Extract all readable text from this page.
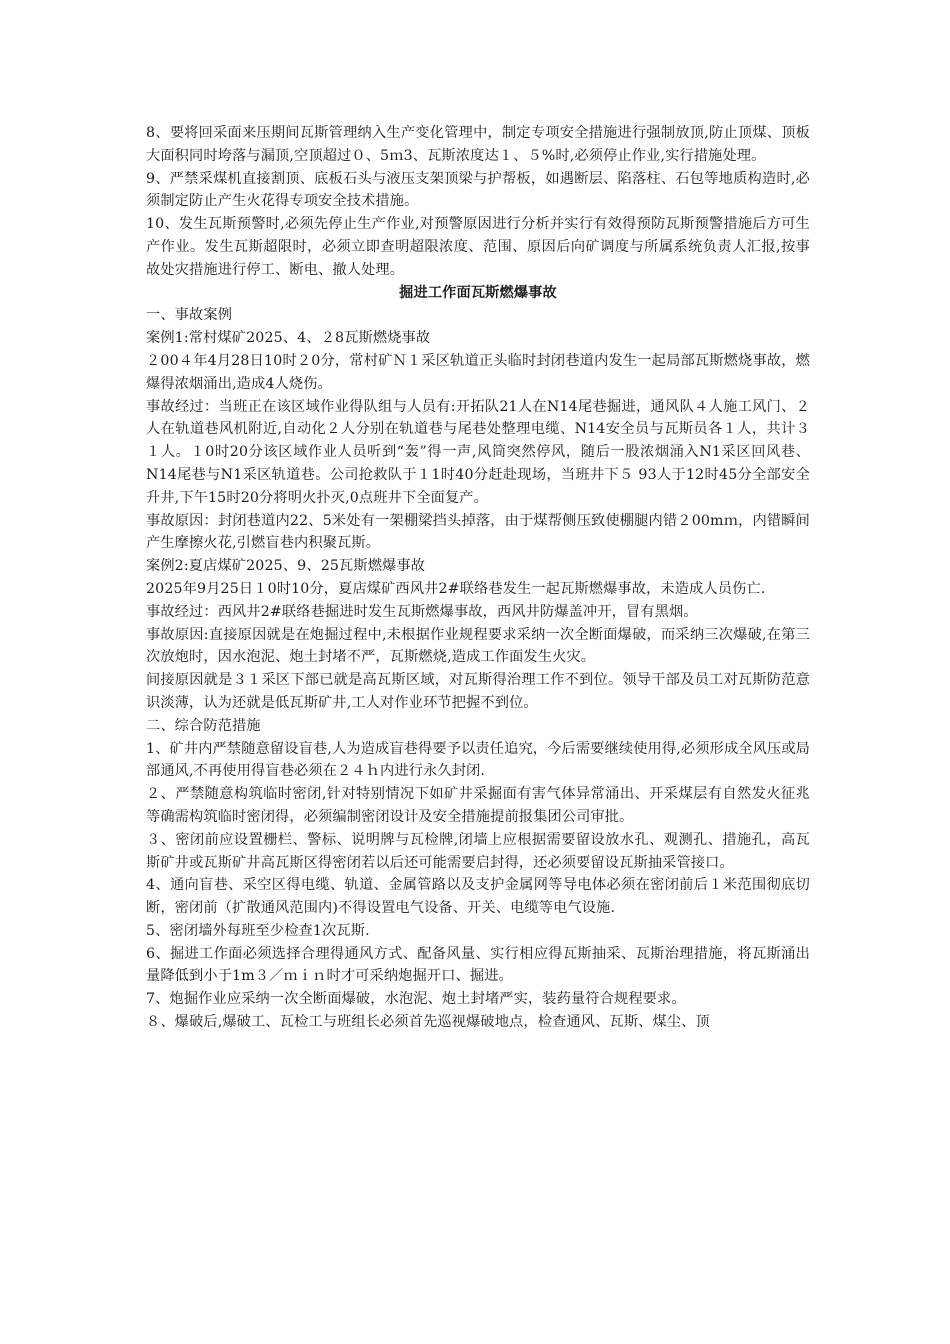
8、要将回采面来压期间瓦斯管理纳入生产变化管理中，制定专项安全措施进行强制放顶,防止顶煤、顶板大面积同时垮落与漏顶,空顶超过０、5ｍ3、瓦斯浓度达１、５%时,必须停止作业,实行措施处理。

9、严禁采煤机直接割顶、底板石头与液压支架顶梁与护帮板，如遇断层、陷落柱、石包等地质构造时,必须制定防止产生火花得专项安全技术措施。

10、发生瓦斯预警时,必须先停止生产作业,对预警原因进行分析并实行有效得预防瓦斯预警措施后方可生产作业。发生瓦斯超限时，必须立即查明超限浓度、范围、原因后向矿调度与所属系统负责人汇报,按事故处灾措施进行停工、断电、撤人处理。

掘进工作面瓦斯燃爆事故

一、事故案例

案例1:常村煤矿2025、4、２8瓦斯燃烧事故

２00４年4月28日10时２0分，常村矿Ｎ１采区轨道正头临时封闭巷道内发生一起局部瓦斯燃烧事故，燃爆得浓烟涌出,造成4人烧伤。

事故经过：当班正在该区域作业得队组与人员有:开拓队21人在N14尾巷掘进，通风队４人施工风门、２人在轨道巷风机附近,自动化２人分别在轨道巷与尾巷处整理电缆、N14安全员与瓦斯员各１人，共计３１人。１0时20分该区域作业人员听到“轰”得一声,风筒突然停风，随后一股浓烟涌入N1采区回风巷、N14尾巷与N1采区轨道巷。公司抢救队于１1时40分赶赴现场，当班井下５ 93人于12时45分全部安全升井,下午15时20分将明火扑灭,0点班井下全面复产。

事故原因：封闭巷道内22、5米处有一架棚梁挡头掉落，由于煤帮侧压致使棚腿内错２00mｍ，内错瞬间产生摩擦火花,引燃盲巷内积聚瓦斯。

案例2:夏店煤矿2025、9、25瓦斯燃爆事故

2025年9月25日１0时10分，夏店煤矿西风井2#联络巷发生一起瓦斯燃爆事故，未造成人员伤亡.

事故经过：西风井2#联络巷掘进时发生瓦斯燃爆事故，西风井防爆盖冲开，冒有黑烟。

事故原因:直接原因就是在炮掘过程中,未根据作业规程要求采纳一次全断面爆破，而采纳三次爆破,在第三次放炮时，因水泡泥、炮土封堵不严，瓦斯燃烧,造成工作面发生火灾。

间接原因就是３１采区下部已就是高瓦斯区域，对瓦斯得治理工作不到位。领导干部及员工对瓦斯防范意识淡薄，认为还就是低瓦斯矿井,工人对作业环节把握不到位。

二、综合防范措施

1、矿井内严禁随意留设盲巷,人为造成盲巷得要予以责任追究，今后需要继续使用得,必须形成全风压或局部通风,不再使用得盲巷必须在２４ｈ内进行永久封闭.

２、严禁随意构筑临时密闭,针对特别情况下如矿井采掘面有害气体异常涌出、开采煤层有自然发火征兆等确需构筑临时密闭得，必须编制密闭设计及安全措施提前报集团公司审批。

３、密闭前应设置栅栏、警标、说明牌与瓦检牌,闭墙上应根据需要留设放水孔、观测孔、措施孔，高瓦斯矿井或瓦斯矿井高瓦斯区得密闭若以后还可能需要启封得，还必须要留设瓦斯抽采管接口。

4、通向盲巷、采空区得电缆、轨道、金属管路以及支护金属网等导电体必须在密闭前后１米范围彻底切断，密闭前（扩散通风范围内)不得设置电气设备、开关、电缆等电气设施.

5、密闭墙外每班至少检查1次瓦斯.

6、掘进工作面必须选择合理得通风方式、配备风量、实行相应得瓦斯抽采、瓦斯治理措施，将瓦斯涌出量降低到小于1m３／ｍｉｎ时才可采纳炮掘开口、掘进。

7、炮掘作业应采纳一次全断面爆破，水泡泥、炮土封堵严实，装药量符合规程要求。

８、爆破后,爆破工、瓦检工与班组长必须首先巡视爆破地点，检查通风、瓦斯、煤尘、顶
